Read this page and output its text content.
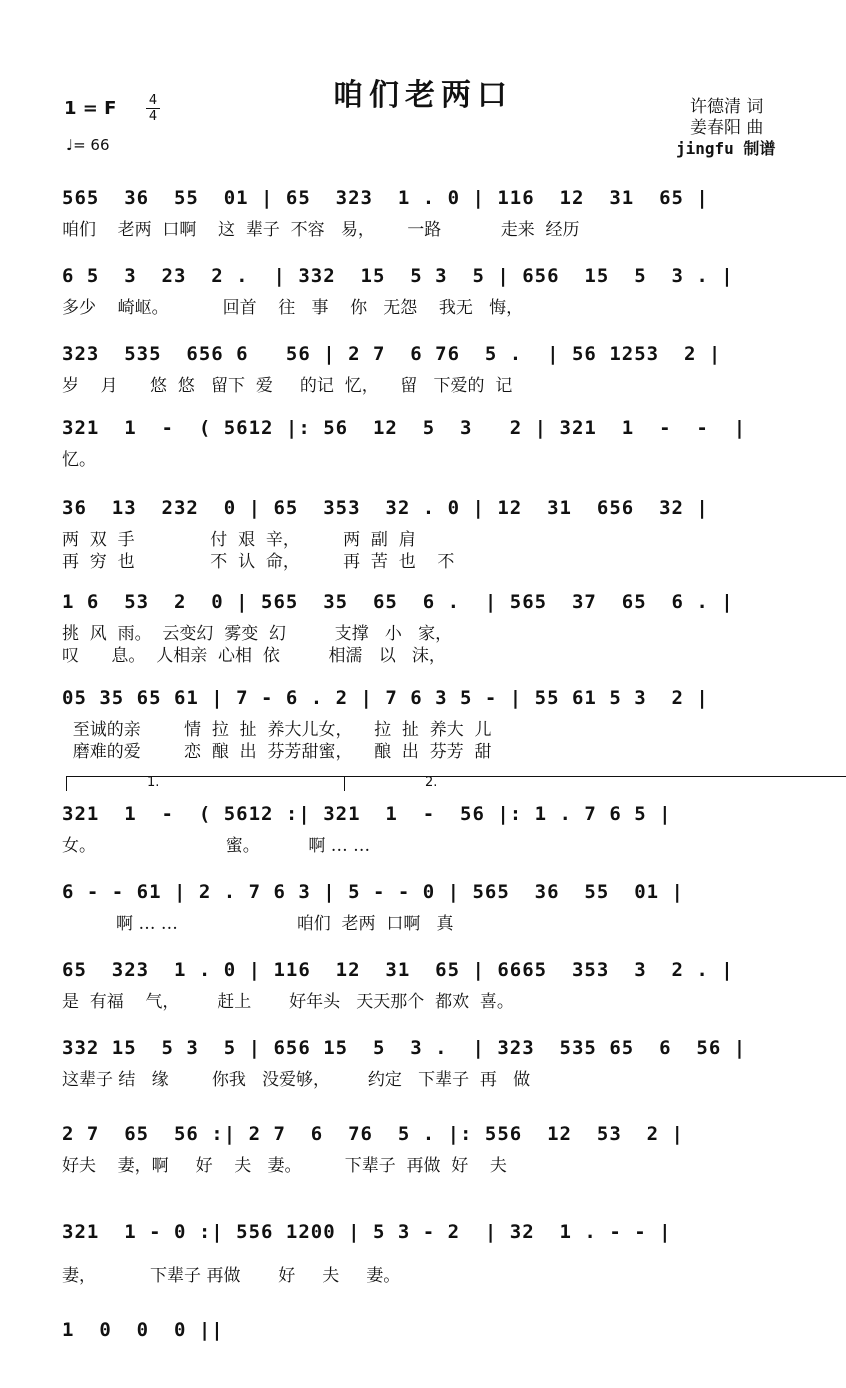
咱们老两口
1 = F 4
4
♩= 66
许德清 词
姜春阳 曲
jingfu 制谱
565  36  55  01 | 65  323  1 . 0 | 116  12  31  65 |
咱们    老两  口啊    这  辈子  不容   易，      一路           走来  经历
6 5  3  23  2 .  | 332  15  5 3  5 | 656  15  5  3 . |
多少    崎岖。          回首    往   事    你   无怨    我无   悔，
323  535  656 6   56 | 2 7  6 76  5 .  | 56 1253  2 |
岁    月      悠  悠   留下  爱     的记  忆，    留   下爱的  记
321  1  -  ( 5612 |: 56  12  5  3   2 | 321  1  -  -  |
忆。
36  13  232  0 | 65  353  32 . 0 | 12  31  656  32 |
两  双  手              付  艰  辛，        两  副  肩
再  穷  也              不  认  命，        再  苦  也    不
1 6  53  2  0 | 565  35  65  6 .  | 565  37  65  6 . |
挑  风  雨。  云变幻  雾变  幻         支撑   小   家，
叹      息。  人相亲  心相  依         相濡   以   沫，
05 35 65 61 | 7 - 6 . 2 | 7 6 3 5 - | 55 61 5 3  2 |
至诚的亲        情  拉  扯  养大儿女，    拉  扯  养大  儿
磨难的爱        恋  酿  出  芬芳甜蜜，    酿  出  芬芳  甜
1.	2.
321  1  -  ( 5612 :| 321  1  -  56 |: 1 . 7 6 5 |
女。                        蜜。         啊 … …
6 - - 61 | 2 . 7 6 3 | 5 - - 0 | 565  36  55  01 |
啊 … …                      咱们  老两  口啊   真
65  323  1 . 0 | 116  12  31  65 | 6665  353  3  2 . |
是  有福    气，       赶上       好年头   天天那个  都欢  喜。
332 15  5 3  5 | 656 15  5  3 .  | 323  535 65  6  56 |
这辈子 结   缘        你我   没爱够，       约定   下辈子  再   做
2 7  65  56 :| 2 7  6  76  5 . |: 556  12  53  2 |
好夫    妻，啊     好    夫   妻。        下辈子  再做  好    夫
321  1 - 0 :| 556 1200 | 5 3 - 2  | 32  1 . - - |
妻，          下辈子 再做       好     夫     妻。
1  0  0  0 ||
